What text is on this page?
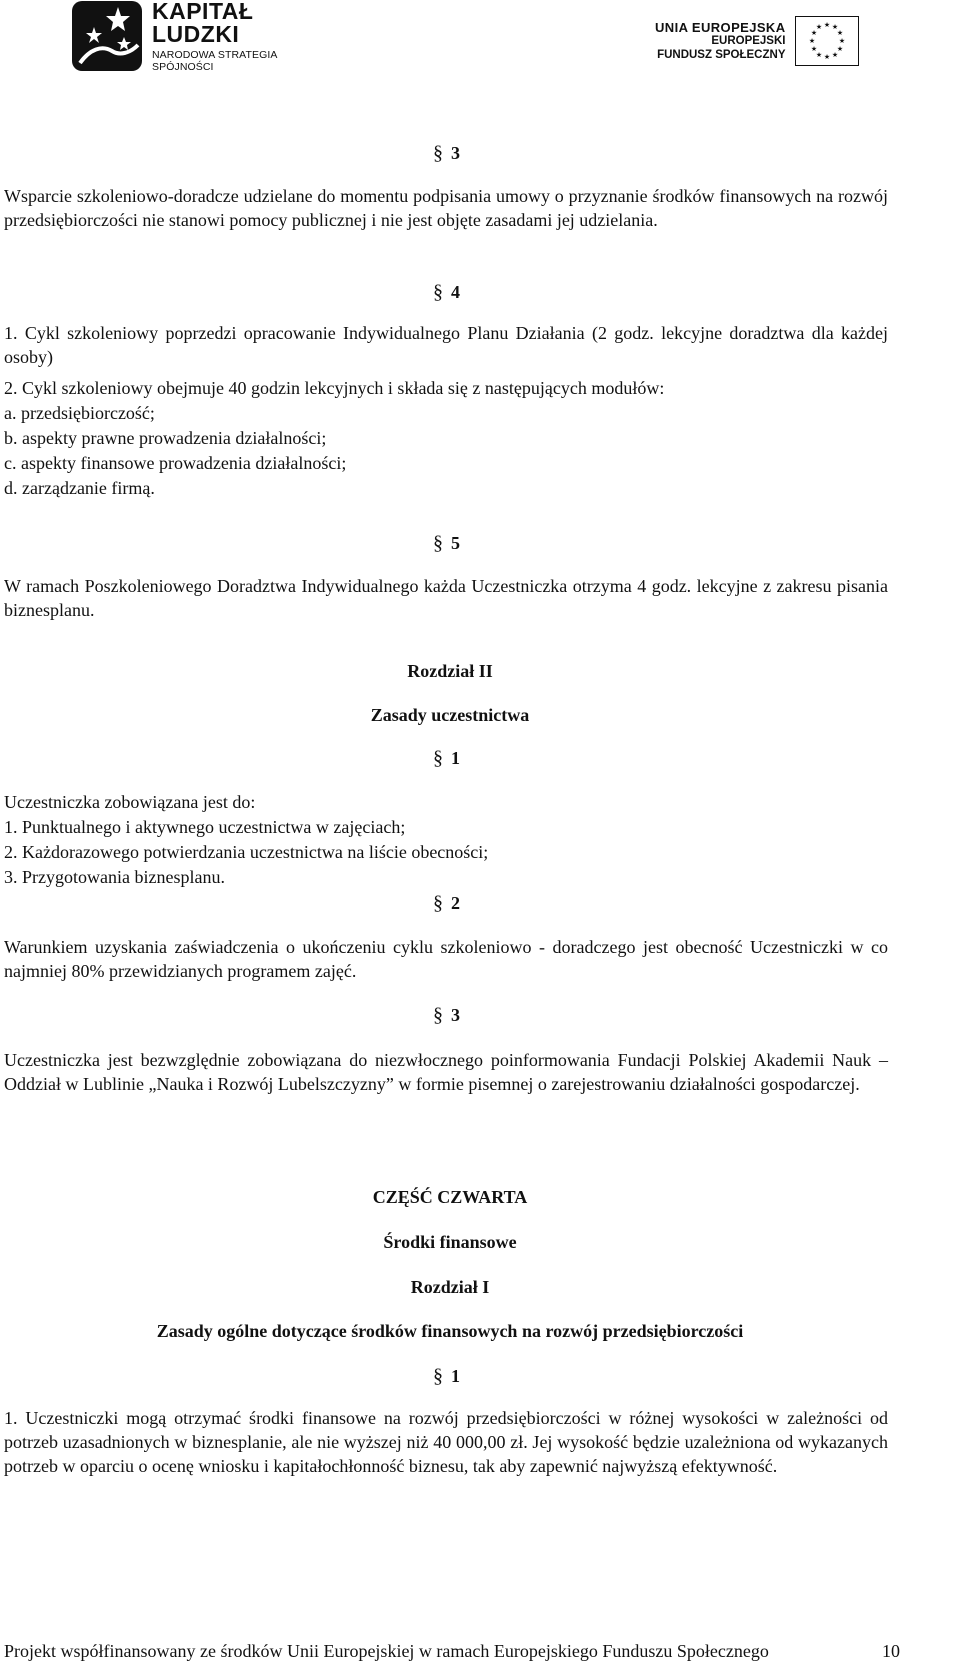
KAPITAŁ LUDZKI
NARODOWA STRATEGIA SPÓJNOŚCI
UNIA EUROPEJSKA
EUROPEJSKI
FUNDUSZ SPOŁECZNY
★ ★
★
★
★
★
★
★
★
★
★
★
§ 3

Wsparcie szkoleniowo-doradcze udzielane do momentu podpisania umowy o przyznanie środków finansowych na rozwój przedsiębiorczości nie stanowi pomocy publicznej i nie jest objęte zasadami jej udzielania.

§ 4

1. Cykl szkoleniowy poprzedzi opracowanie Indywidualnego Planu Działania (2 godz. lekcyjne doradztwa dla każdej osoby)

2. Cykl szkoleniowy obejmuje 40 godzin lekcyjnych i składa się z następujących modułów:

a. przedsiębiorczość;

b. aspekty prawne prowadzenia działalności;

c. aspekty finansowe prowadzenia działalności;

d. zarządzanie firmą.

§ 5

W ramach Poszkoleniowego Doradztwa Indywidualnego każda Uczestniczka otrzyma 4 godz. lekcyjne z zakresu pisania biznesplanu.

Rozdział II
Zasady uczestnictwa
§ 1

Uczestniczka zobowiązana jest do:

1. Punktualnego i aktywnego uczestnictwa w zajęciach;

2. Każdorazowego potwierdzania uczestnictwa na liście obecności;

3. Przygotowania biznesplanu.

§ 2

Warunkiem uzyskania zaświadczenia o ukończeniu cyklu szkoleniowo - doradczego jest obecność Uczestniczki w co najmniej 80% przewidzianych programem zajęć.

§ 3

Uczestniczka jest bezwzględnie zobowiązana do niezwłocznego poinformowania Fundacji Polskiej Akademii Nauk – Oddział w Lublinie „Nauka i Rozwój Lubelszczyzny” w formie pisemnej o zarejestrowaniu działalności gospodarczej.

CZĘŚĆ CZWARTA
Środki finansowe
Rozdział I
Zasady ogólne dotyczące środków finansowych na rozwój przedsiębiorczości
§ 1

1. Uczestniczki mogą otrzymać środki finansowe na rozwój przedsiębiorczości w różnej wysokości w zależności od potrzeb uzasadnionych w biznesplanie, ale nie wyższej niż 40 000,00 zł. Jej wysokość będzie uzależniona od wykazanych potrzeb w oparciu o ocenę wniosku i kapitałochłonność biznesu, tak aby zapewnić najwyższą efektywność.

Projekt współfinansowany ze środków Unii Europejskiej w ramach Europejskiego Funduszu Społecznego	10
